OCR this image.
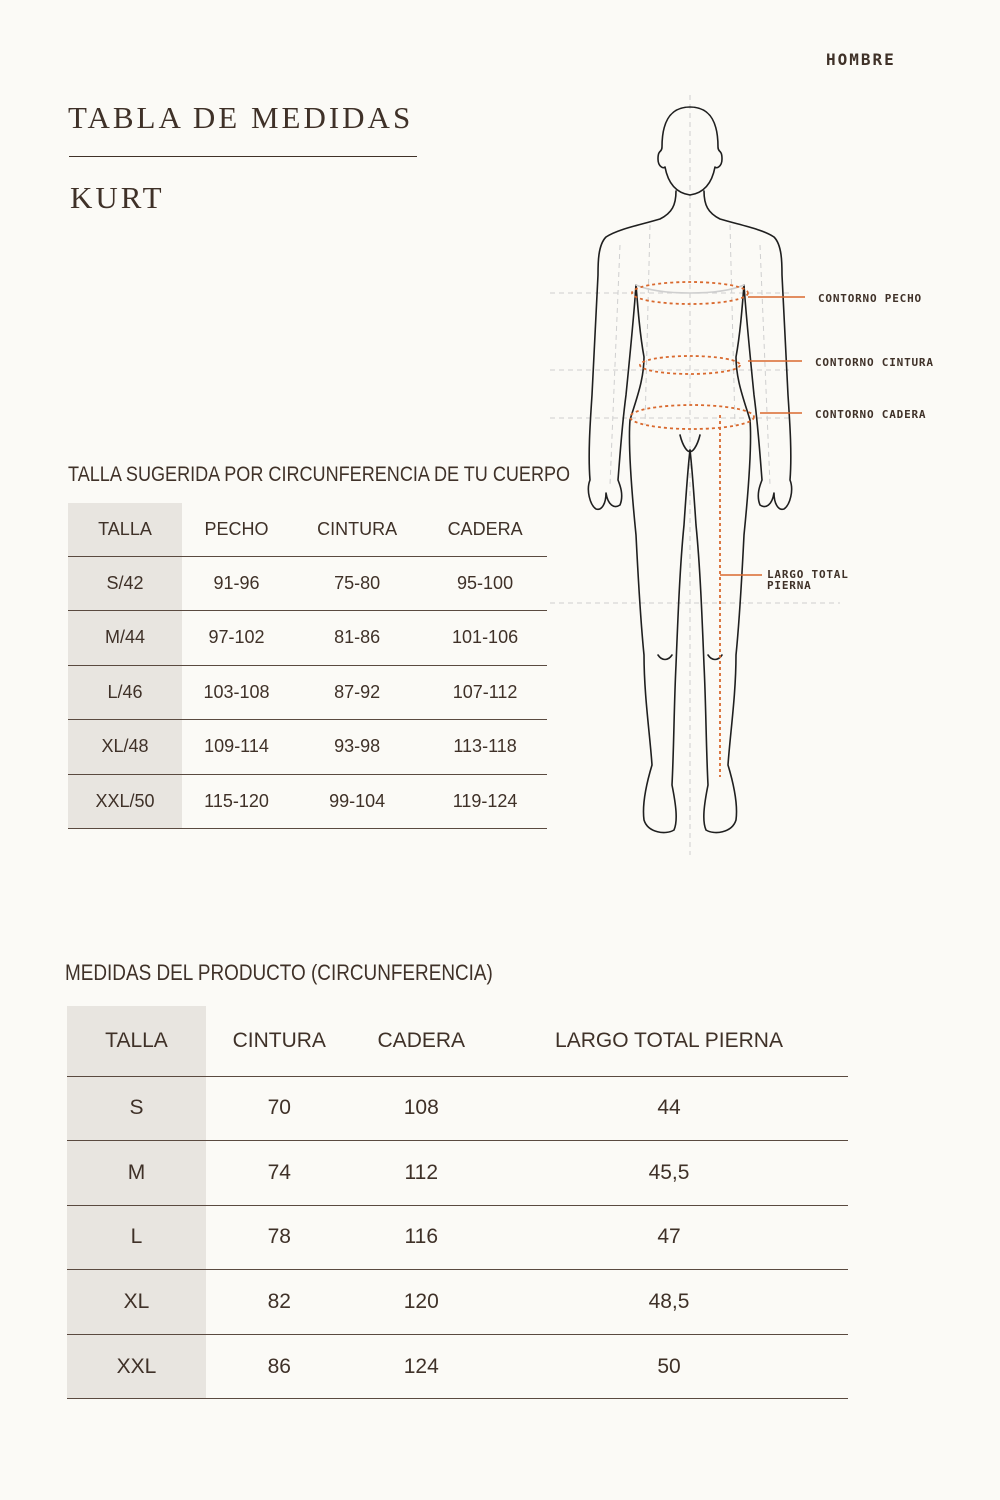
HOMBRE
TABLA DE MEDIDAS
KURT
CONTORNO PECHO
CONTORNO CINTURA
CONTORNO CADERA
LARGO TOTAL
PIERNA
TALLA SUGERIDA POR CIRCUNFERENCIA DE TU CUERPO
TALLA	PECHO	CINTURA	CADERA
S/42	91-96	75-80	95-100
M/44	97-102	81-86	101-106
L/46	103-108	87-92	107-112
XL/48	109-114	93-98	113-118
XXL/50	115-120	99-104	119-124
MEDIDAS DEL PRODUCTO (CIRCUNFERENCIA)
TALLA	CINTURA	CADERA	LARGO TOTAL PIERNA
S	70	108	44
M	74	112	45,5
L	78	116	47
XL	82	120	48,5
XXL	86	124	50
